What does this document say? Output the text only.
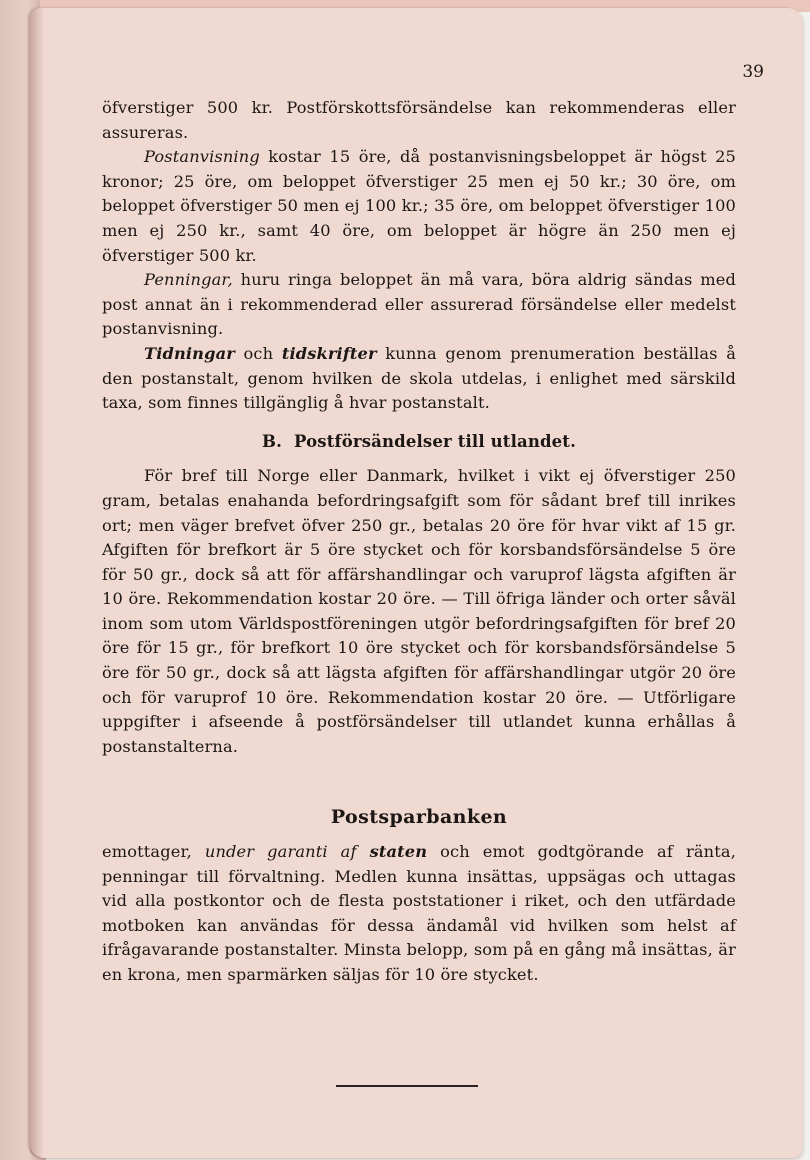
39

öfverstiger 500 kr. Postförskottsförsändelse kan rekommenderas eller assureras.

Postanvisning kostar 15 öre, då postanvisningsbeloppet är högst 25 kronor; 25 öre, om beloppet öfverstiger 25 men ej 50 kr.; 30 öre, om beloppet öfverstiger 50 men ej 100 kr.; 35 öre, om beloppet öfverstiger 100 men ej 250 kr., samt 40 öre, om beloppet är högre än 250 men ej öfverstiger 500 kr.

Penningar, huru ringa beloppet än må vara, böra aldrig sändas med post annat än i rekommenderad eller assurerad försändelse eller medelst postanvisning.

Tidningar och tidskrifter kunna genom prenumeration beställas å den postanstalt, genom hvilken de skola utdelas, i enlighet med särskild taxa, som finnes tillgänglig å hvar postanstalt.

B. Postförsändelser till utlandet.

För bref till Norge eller Danmark, hvilket i vikt ej öfverstiger 250 gram, betalas enahanda befordringsafgift som för sådant bref till inrikes ort; men väger brefvet öfver 250 gr., betalas 20 öre för hvar vikt af 15 gr. Afgiften för brefkort är 5 öre stycket och för korsbandsförsändelse 5 öre för 50 gr., dock så att för affärshandlingar och varuprof lägsta afgiften är 10 öre. Rekommendation kostar 20 öre. — Till öfriga länder och orter såväl inom som utom Världspostföreningen utgör befordringsafgiften för bref 20 öre för 15 gr., för brefkort 10 öre stycket och för korsbandsförsändelse 5 öre för 50 gr., dock så att lägsta afgiften för affärshandlingar utgör 20 öre och för varuprof 10 öre. Rekommendation kostar 20 öre. — Utförligare uppgifter i afseende å postförsändelser till utlandet kunna erhållas å postanstalterna.

Postsparbanken

emottager, under garanti af staten och emot godtgörande af ränta, penningar till förvaltning. Medlen kunna insättas, uppsägas och uttagas vid alla postkontor och de flesta poststationer i riket, och den utfärdade motboken kan användas för dessa ändamål vid hvilken som helst af ifrågavarande postanstalter. Minsta belopp, som på en gång må insättas, är en krona, men sparmärken säljas för 10 öre stycket.
